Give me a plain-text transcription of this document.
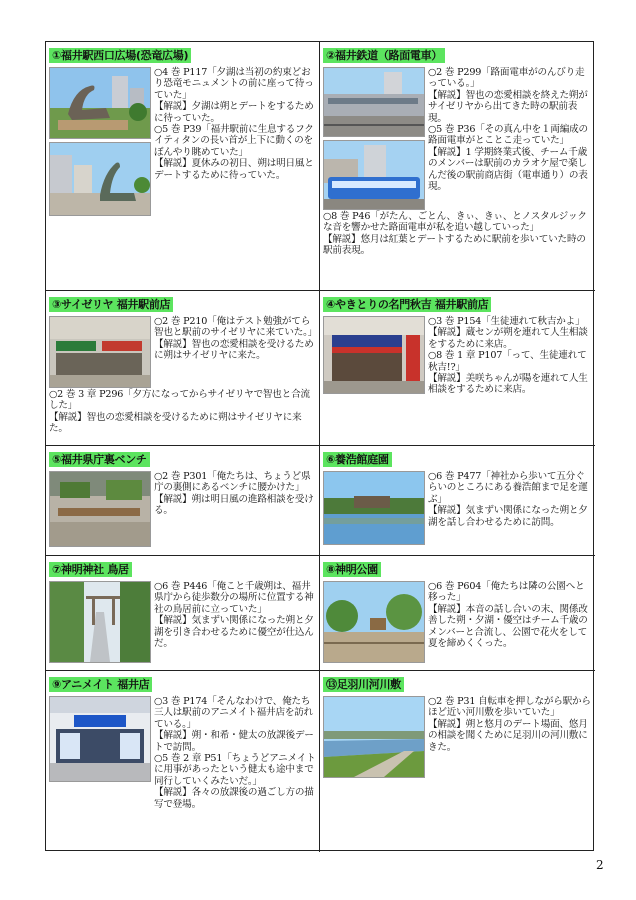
①福井駅西口広場(恐竜広場)

○4 巻 P117「夕湖は当初の約束どおり恐竜モニュメントの前に座って待っていた」

【解説】夕湖は朔とデートをするために待っていた。

○5 巻 P39「福井駅前に生息するフクイティタンの長い首が上下に動くのをぼんやり眺めていた」

【解説】夏休みの初日、朔は明日風とデートするために待っていた。

②福井鉄道（路面電車）

○2 巻 P299「路面電車がのんびり走っている。」

【解説】智也の恋愛相談を終えた朔がサイゼリヤから出てきた時の駅前表現。

○5 巻 P36「その真ん中を１両編成の路面電車がとことこ走っていた」

【解説】1 学期終業式後、チーム千歳のメンバーは駅前のカラオケ屋で楽しんだ後の駅前商店街（電車通り）の表現。

○8 巻 P46「がたん、ごとん、きぃ、きぃ、とノスタルジックな音を響かせた路面電車が私を追い越していった」

【解説】悠月は紅葉とデートするために駅前を歩いていた時の駅前表現。

③サイゼリヤ 福井駅前店

○2 巻 P210「俺はテスト勉強がてら智也と駅前のサイゼリヤに来ていた。」

【解説】智也の恋愛相談を受けるために朔はサイゼリヤに来た。

○2 巻 3 章 P296「夕方になってからサイゼリヤで智也と合流した」

【解説】智也の恋愛相談を受けるために朔はサイゼリヤに来た。

④やきとりの名門秋吉 福井駅前店

○3 巻 P154「生徒連れて秋吉かよ」

【解説】蔵センが朔を連れて人生相談をするために来店。

○8 巻 1 章 P107「って、生徒連れて秋吉!?」

【解説】美咲ちゃんが陽を連れて人生相談をするために来店。

⑤福井県庁裏ベンチ

○2 巻 P301「俺たちは、ちょうど県庁の裏側にあるベンチに腰かけた」

【解説】朔は明日風の進路相談を受ける。

⑥養浩館庭園

○6 巻 P477「神社から歩いて五分ぐらいのところにある養浩館まで足を運ぶ」

【解説】気まずい関係になった朔と夕湖を話し合わせるために訪問。

⑦神明神社 鳥居

○6 巻 P446「俺こと千歳朔は、福井県庁から徒歩数分の場所に位置する神社の鳥居前に立っていた」

【解説】気まずい関係になった朔と夕湖を引き合わせるために優空が仕込んだ。

⑧神明公園

○6 巻 P604「俺たちは隣の公園へと移った」

【解説】本音の話し合いの末、関係改善した朔・夕湖・優空はチーム千歳のメンバーと合流し、公園で花火をして夏を締めくくった。

⑨アニメイト 福井店

○3 巻 P174「そんなわけで、俺たち三人は駅前のアニメイト福井店を訪れている。」

【解説】朔・和希・健太の放課後デートで訪問。

○5 巻 2 章 P51「ちょうどアニメイトに用事があったという健太も途中まで同行していくみたいだ。」

【解説】各々の放課後の過ごし方の描写で登場。

⑬足羽川河川敷

○2 巻 P31 自転車を押しながら駅からほど近い河川敷を歩いていた」

【解説】朔と悠月のデート場面、悠月の相談を聞くために足羽川の河川敷にきた。

2
